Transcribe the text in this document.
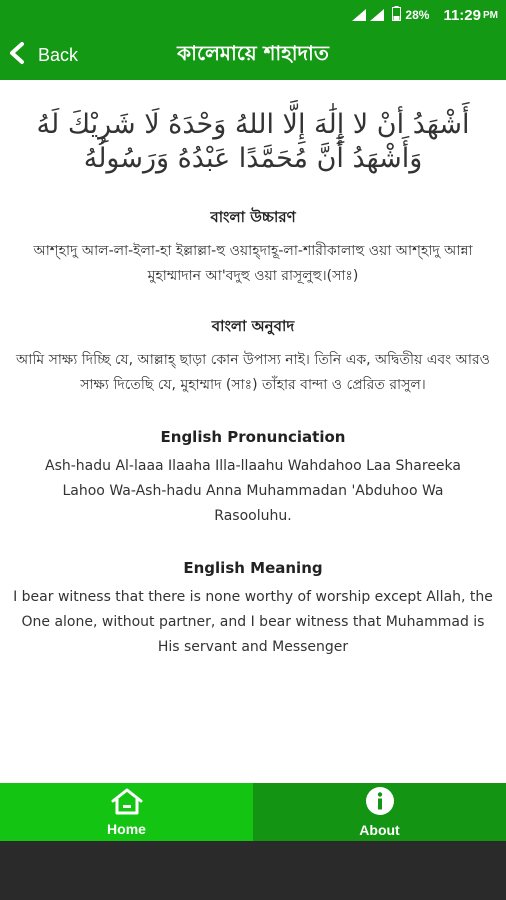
28% 11:29 PM
Back	কালেমায়ে শাহাদাত
أَشْهَدُ أنْ لا إِلَٰهَ إِلَّا اللهُ وَحْدَهُ لَا شَرِيْكَ لَهُ وَأَشْهَدُ أَنَّ مُحَمَّدًا عَبْدُهُ وَرَسُولُهُ
বাংলা উচ্চারণ
আশ্হাদু আল-লা-ইলা-হা ইল্লাল্লা-হু ওয়াহ্দাহূ-লা-শারীকালাহু ওয়া আশ্হাদু আন্না মুহাম্মাদান আ'বদুহু ওয়া রাসূলুহু।(সাঃ)
বাংলা অনুবাদ
আমি সাক্ষ্য দিচ্ছি যে, আল্লাহ্ ছাড়া কোন উপাস্য নাই। তিনি এক, অদ্বিতীয় এবং আরও সাক্ষ্য দিতেছি যে, মুহাম্মাদ (সাঃ) তাঁহার বান্দা ও প্রেরিত রাসুল।
English Pronunciation
Ash-hadu Al-laaa Ilaaha Illa-llaahu Wahdahoo Laa Shareeka Lahoo Wa-Ash-hadu Anna Muhammadan 'Abduhoo Wa Rasooluhu.
English Meaning
I bear witness that there is none worthy of worship except Allah, the One alone, without partner, and I bear witness that Muhammad is His servant and Messenger
Home	About
